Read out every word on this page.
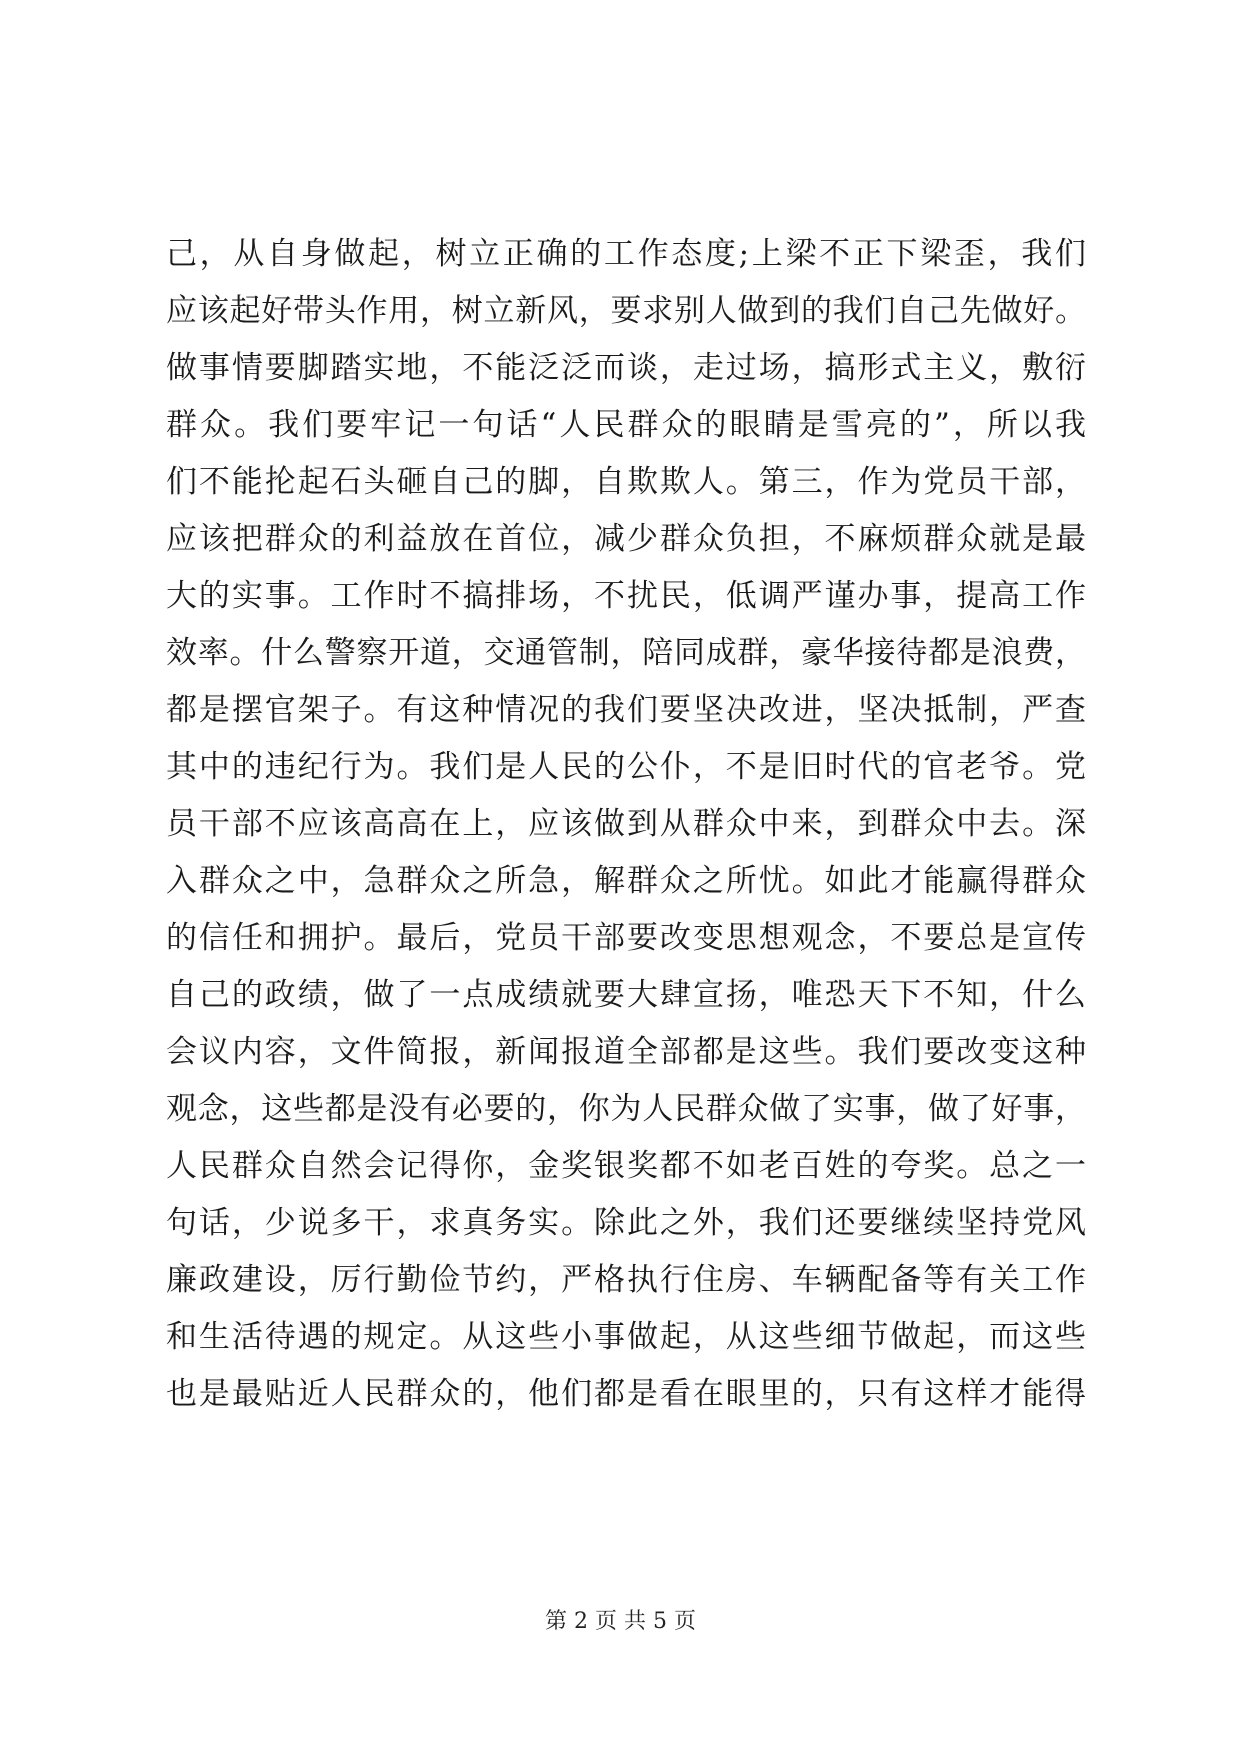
己，从自身做起，树立正确的工作态度;上梁不正下梁歪，我们
应该起好带头作用，树立新风，要求别人做到的我们自己先做好。
做事情要脚踏实地，不能泛泛而谈，走过场，搞形式主义，敷衍
群众。我们要牢记一句话“人民群众的眼睛是雪亮的”，所以我
们不能抡起石头砸自己的脚，自欺欺人。第三，作为党员干部，
应该把群众的利益放在首位，减少群众负担，不麻烦群众就是最
大的实事。工作时不搞排场，不扰民，低调严谨办事，提高工作
效率。什么警察开道，交通管制，陪同成群，豪华接待都是浪费，
都是摆官架子。有这种情况的我们要坚决改进，坚决抵制，严查
其中的违纪行为。我们是人民的公仆，不是旧时代的官老爷。党
员干部不应该高高在上，应该做到从群众中来，到群众中去。深
入群众之中，急群众之所急，解群众之所忧。如此才能赢得群众
的信任和拥护。最后，党员干部要改变思想观念，不要总是宣传
自己的政绩，做了一点成绩就要大肆宣扬，唯恐天下不知，什么
会议内容，文件简报，新闻报道全部都是这些。我们要改变这种
观念，这些都是没有必要的，你为人民群众做了实事，做了好事，
人民群众自然会记得你，金奖银奖都不如老百姓的夸奖。总之一
句话，少说多干，求真务实。除此之外，我们还要继续坚持党风
廉政建设，厉行勤俭节约，严格执行住房、车辆配备等有关工作
和生活待遇的规定。从这些小事做起，从这些细节做起，而这些
也是最贴近人民群众的，他们都是看在眼里的，只有这样才能得
第 2 页 共 5 页
